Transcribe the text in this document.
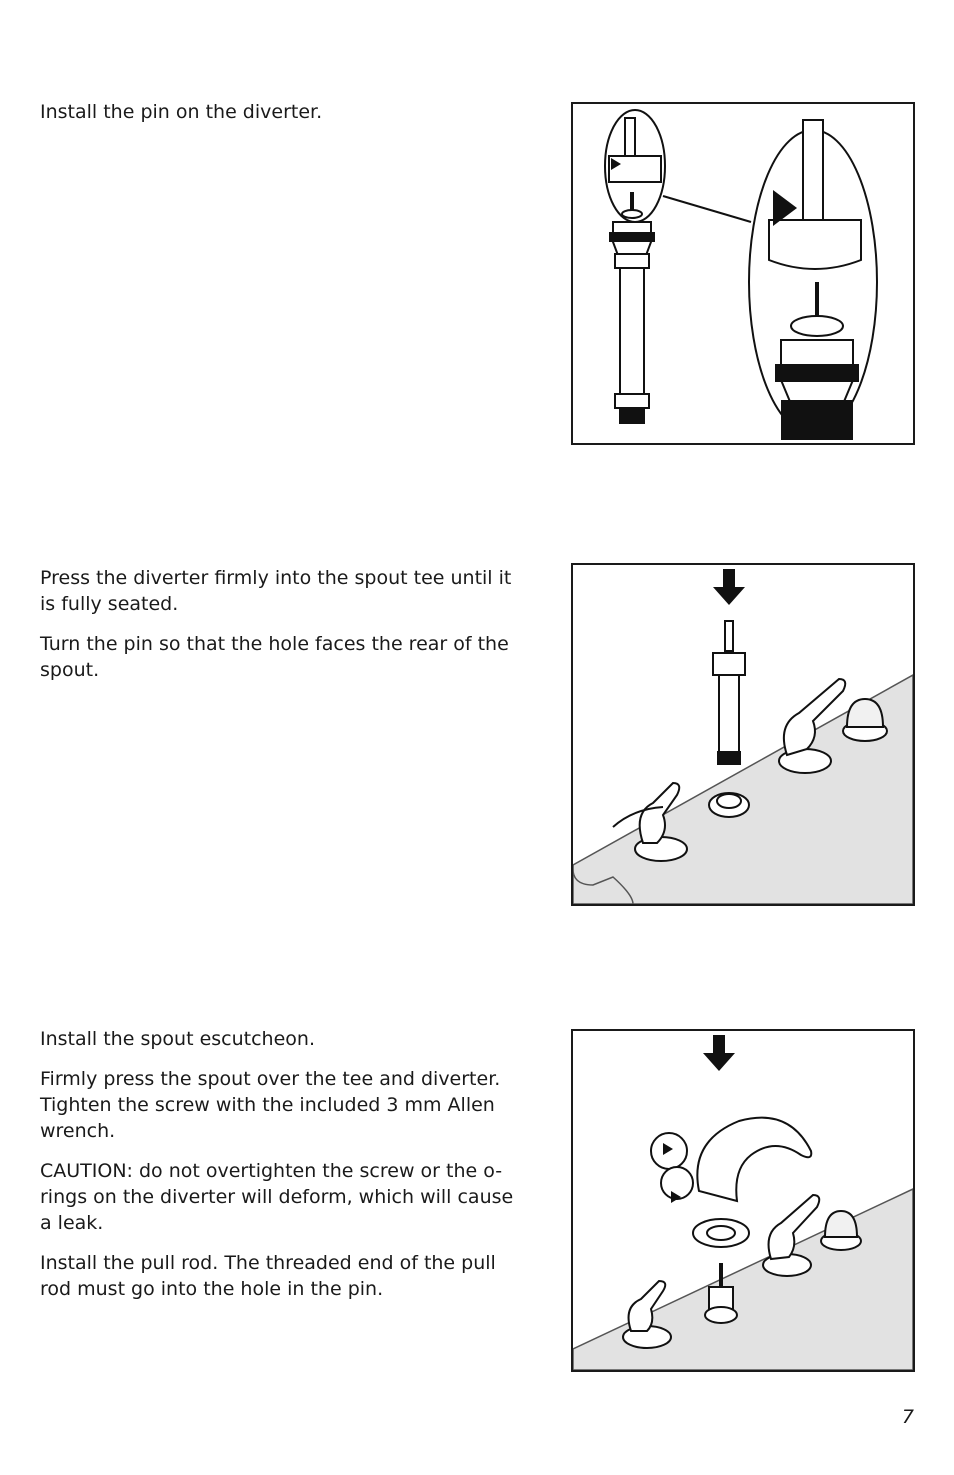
Install the pin on the diverter.

Press the diverter firmly into the spout tee until it is fully seated.

Turn the pin so that the hole faces the rear of the spout.

Install the spout escutcheon.

Firmly press the spout over the tee and diverter. Tighten the screw with the included 3 mm Allen wrench.

CAUTION: do not overtighten the screw or the o-rings on the diverter will deform, which will cause a leak.

Install the pull rod. The threaded end of the pull rod must go into the hole in the pin.

7
